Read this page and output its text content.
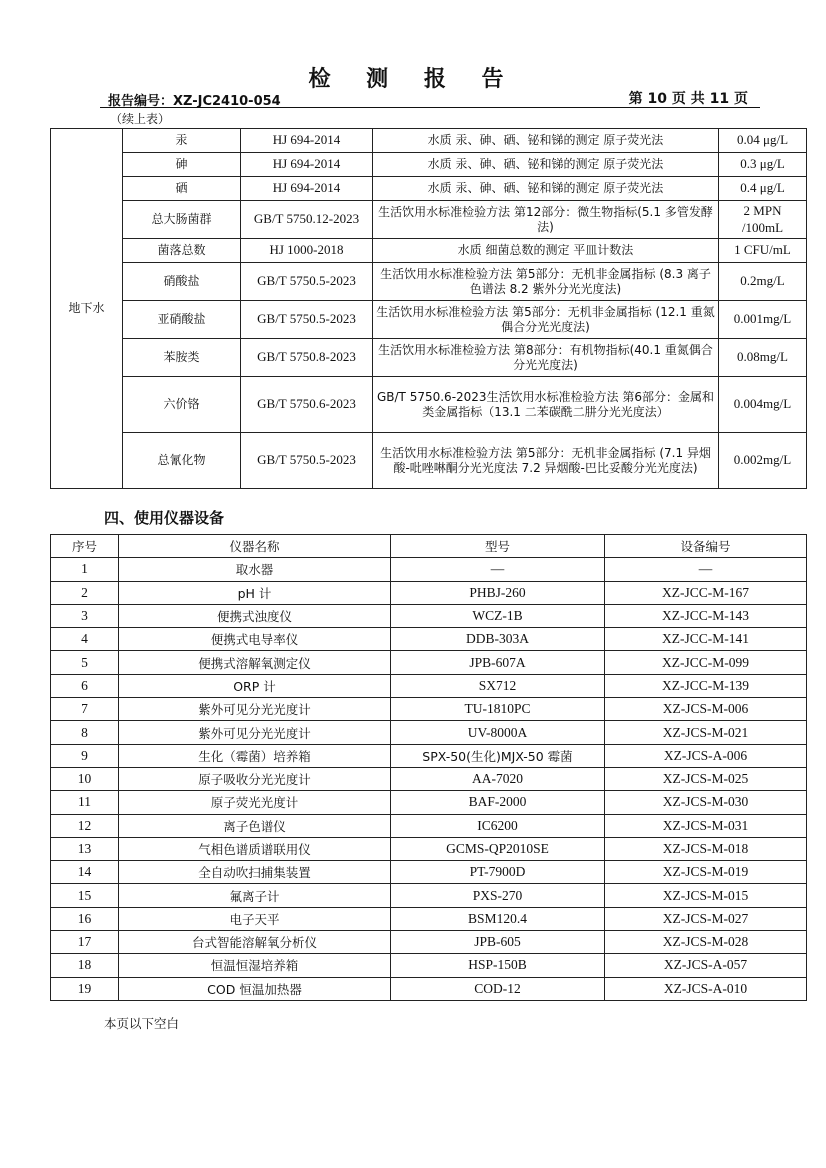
检 测 报 告
报告编号：XZ-JC2410-054	第 10 页 共 11 页
（续上表）
地下水	汞	HJ 694-2014	水质 汞、砷、硒、铋和锑的测定 原子荧光法	0.04 μg/L
	砷	HJ 694-2014	水质 汞、砷、硒、铋和锑的测定 原子荧光法	0.3 μg/L
	硒	HJ 694-2014	水质 汞、砷、硒、铋和锑的测定 原子荧光法	0.4 μg/L
	总大肠菌群	GB/T 5750.12-2023	生活饮用水标准检验方法 第12部分：微生物指标(5.1 多管发酵法)	2 MPN /100mL
	菌落总数	HJ 1000-2018	水质 细菌总数的测定 平皿计数法	1 CFU/mL
	硝酸盐	GB/T 5750.5-2023	生活饮用水标准检验方法 第5部分：无机非金属指标 (8.3 离子色谱法 8.2 紫外分光光度法)	0.2mg/L
	亚硝酸盐	GB/T 5750.5-2023	生活饮用水标准检验方法 第5部分：无机非金属指标 (12.1 重氮偶合分光光度法)	0.001mg/L
	苯胺类	GB/T 5750.8-2023	生活饮用水标准检验方法 第8部分：有机物指标(40.1 重氮偶合分光光度法)	0.08mg/L
	六价铬	GB/T 5750.6-2023	GB/T 5750.6-2023生活饮用水标准检验方法 第6部分：金属和类金属指标（13.1 二苯碳酰二肼分光光度法）	0.004mg/L
	总氰化物	GB/T 5750.5-2023	生活饮用水标准检验方法 第5部分：无机非金属指标 (7.1 异烟酸-吡唑啉酮分光光度法 7.2 异烟酸-巴比妥酸分光光度法)	0.002mg/L
四、使用仪器设备
序号	仪器名称	型号	设备编号
1	取水器	—	—
2	pH 计	PHBJ-260	XZ-JCC-M-167
3	便携式浊度仪	WCZ-1B	XZ-JCC-M-143
4	便携式电导率仪	DDB-303A	XZ-JCC-M-141
5	便携式溶解氧测定仪	JPB-607A	XZ-JCC-M-099
6	ORP 计	SX712	XZ-JCC-M-139
7	紫外可见分光光度计	TU-1810PC	XZ-JCS-M-006
8	紫外可见分光光度计	UV-8000A	XZ-JCS-M-021
9	生化（霉菌）培养箱	SPX-50(生化)MJX-50 霉菌	XZ-JCS-A-006
10	原子吸收分光光度计	AA-7020	XZ-JCS-M-025
11	原子荧光光度计	BAF-2000	XZ-JCS-M-030
12	离子色谱仪	IC6200	XZ-JCS-M-031
13	气相色谱质谱联用仪	GCMS-QP2010SE	XZ-JCS-M-018
14	全自动吹扫捕集装置	PT-7900D	XZ-JCS-M-019
15	氟离子计	PXS-270	XZ-JCS-M-015
16	电子天平	BSM120.4	XZ-JCS-M-027
17	台式智能溶解氧分析仪	JPB-605	XZ-JCS-M-028
18	恒温恒湿培养箱	HSP-150B	XZ-JCS-A-057
19	COD 恒温加热器	COD-12	XZ-JCS-A-010
本页以下空白
